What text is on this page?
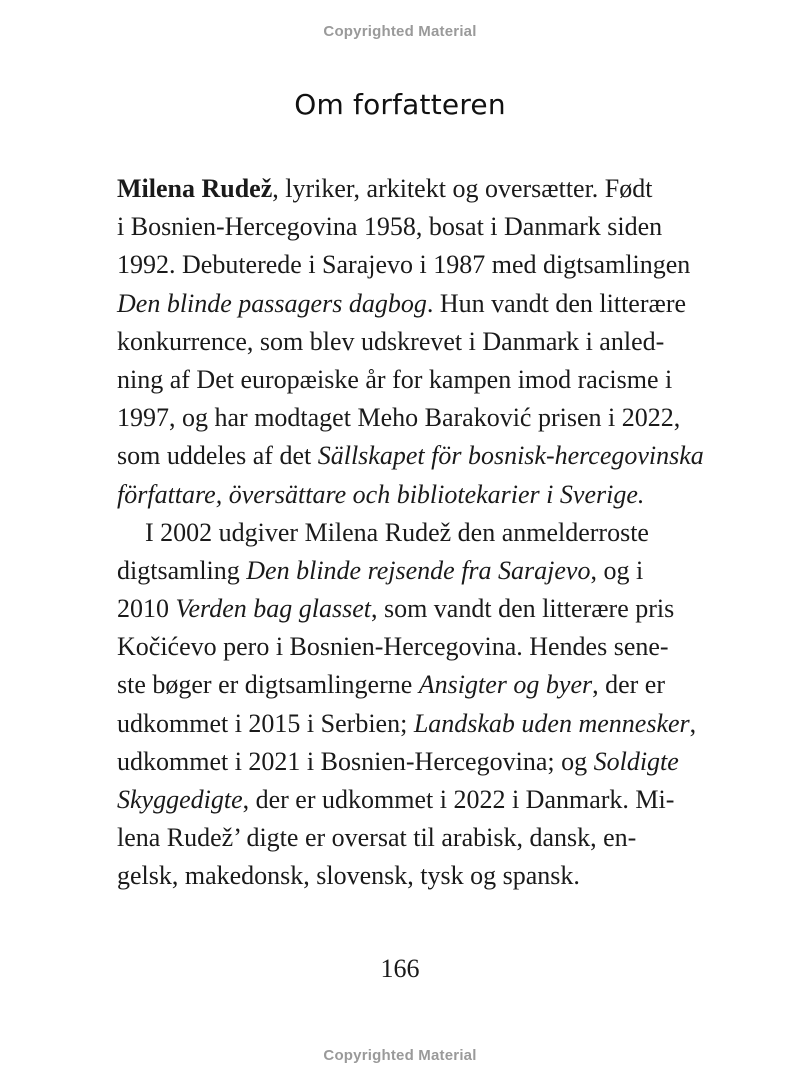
Copyrighted Material
Om forfatteren
Milena Rudež, lyriker, arkitekt og oversætter. Født
i Bosnien-Hercegovina 1958, bosat i Danmark siden
1992. Debuterede i Sarajevo i 1987 med digtsamlingen
Den blinde passagers dagbog. Hun vandt den litterære
konkurrence, som blev udskrevet i Danmark i anled-
ning af Det europæiske år for kampen imod racisme i
1997, og har modtaget Meho Baraković prisen i 2022,
som uddeles af det Sällskapet för bosnisk-hercegovinska
författare, översättare och bibliotekarier i Sverige.
I 2002 udgiver Milena Rudež den anmelderroste
digtsamling Den blinde rejsende fra Sarajevo, og i
2010 Verden bag glasset, som vandt den litterære pris
Kočićevo pero i Bosnien-Hercegovina. Hendes sene-
ste bøger er digtsamlingerne Ansigter og byer, der er
udkommet i 2015 i Serbien; Landskab uden mennesker,
udkommet i 2021 i Bosnien-Hercegovina; og Soldigte
Skyggedigte, der er udkommet i 2022 i Danmark. Mi-
lena Rudež’ digte er oversat til arabisk, dansk, en-
gelsk, makedonsk, slovensk, tysk og spansk.
166
Copyrighted Material
